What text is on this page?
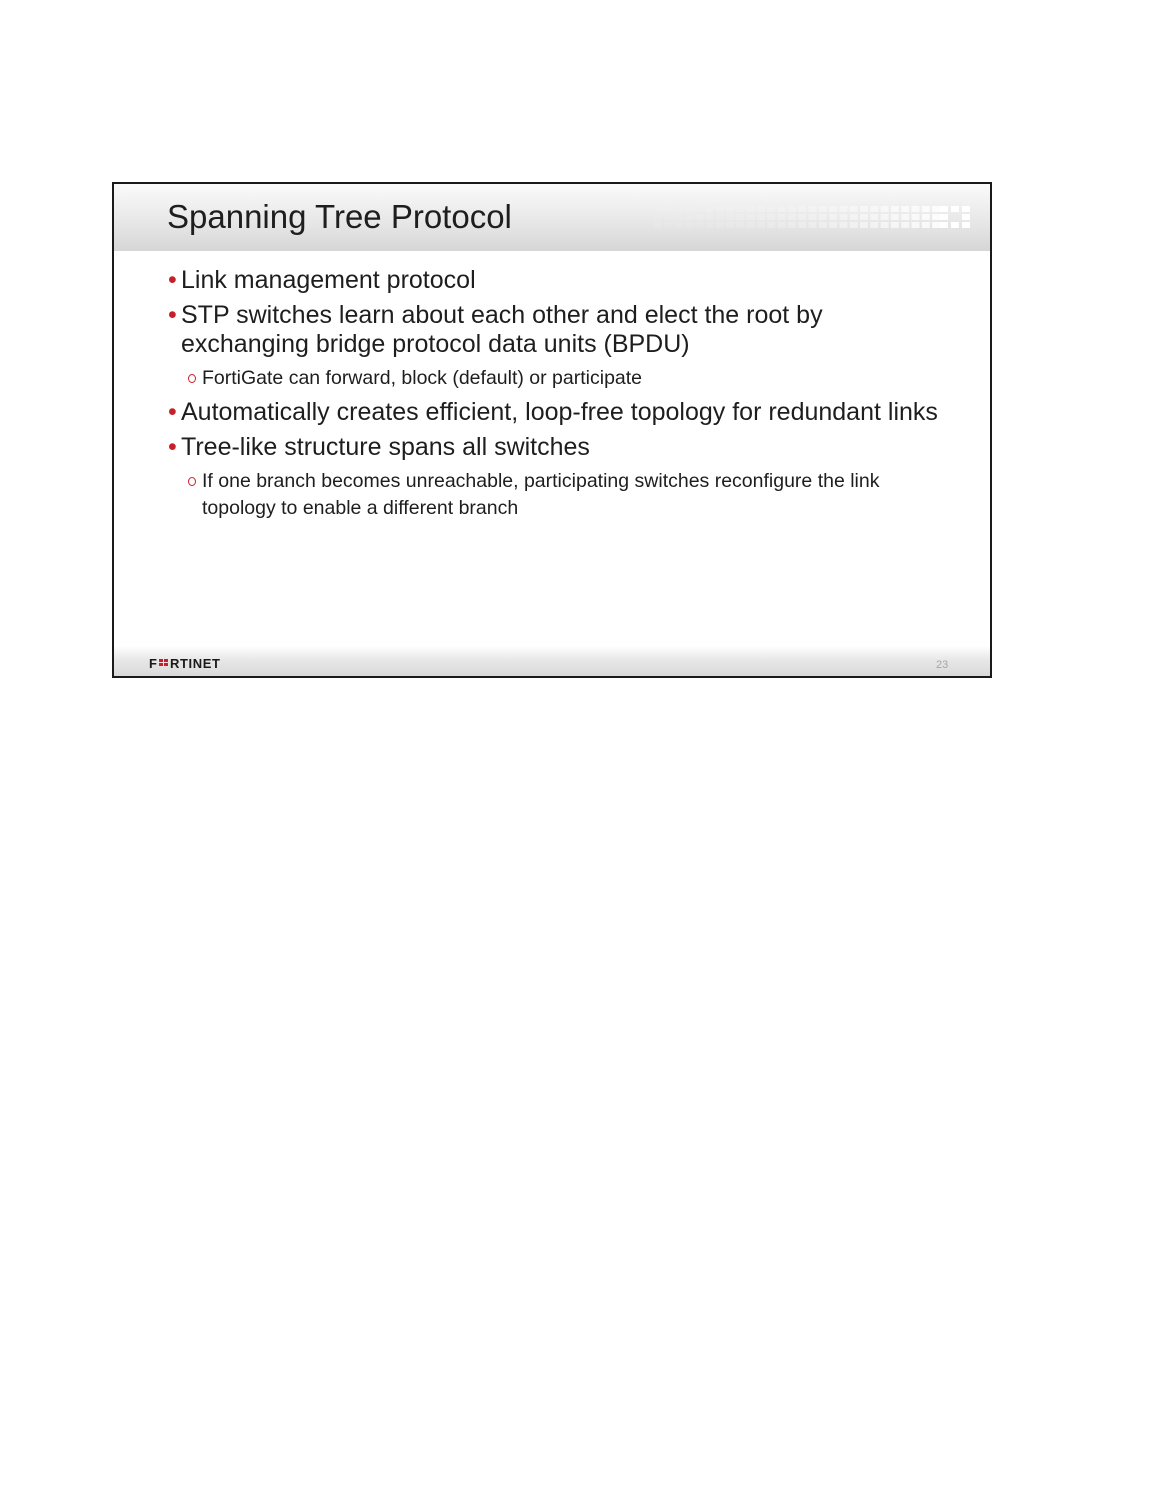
Spanning Tree Protocol
• Link management protocol
• STP switches learn about each other and elect the root by exchanging bridge protocol data units (BPDU)
FortiGate can forward, block (default) or participate
• Automatically creates efficient, loop-free topology for redundant links
• Tree-like structure spans all switches
If one branch becomes unreachable, participating switches reconfigure the link topology to enable a different branch
F RTINET	23
